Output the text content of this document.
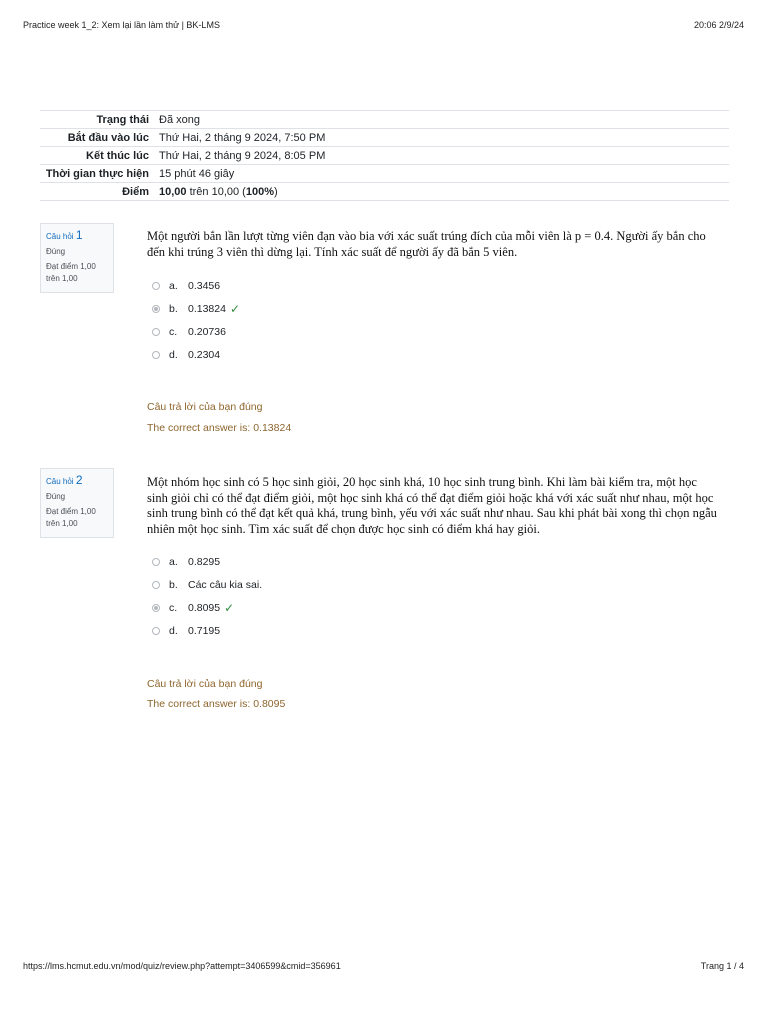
Practice week 1_2: Xem lại lần làm thử | BK-LMS	20:06 2/9/24
Trạng thái	Đã xong
Bắt đầu vào lúc	Thứ Hai, 2 tháng 9 2024, 7:50 PM
Kết thúc lúc	Thứ Hai, 2 tháng 9 2024, 8:05 PM
Thời gian thực hiện	15 phút 46 giây
Điểm	10,00 trên 10,00 (100%)
Câu hỏi 1
Đúng
Đạt điểm 1,00 trên 1,00
Một người bắn lần lượt từng viên đạn vào bia với xác suất trúng đích của mỗi viên là p = 0.4. Người ấy bắn cho đến khi trúng 3 viên thì dừng lại. Tính xác suất để người ấy đã bắn 5 viên.
a. 0.3456
b. 0.13824 ✓
c.	0.20736
d. 0.2304
Câu trả lời của bạn đúng
The correct answer is: 0.13824
Câu hỏi 2
Đúng
Đạt điểm 1,00 trên 1,00
Một nhóm học sinh có 5 học sinh giỏi, 20 học sinh khá, 10 học sinh trung bình. Khi làm bài kiểm tra, một học sinh giỏi chỉ có thể đạt điểm giỏi, một học sinh khá có thể đạt điểm giỏi hoặc khá với xác suất như nhau, một học sinh trung bình có thể đạt kết quả khá, trung bình, yếu với xác suất như nhau. Sau khi phát bài xong thì chọn ngẫu nhiên một học sinh. Tìm xác suất để chọn được học sinh có điểm khá hay giỏi.
a. 0.8295
b. Các câu kia sai.
c.	0.8095 ✓
d. 0.7195
Câu trả lời của bạn đúng
The correct answer is: 0.8095
https://lms.hcmut.edu.vn/mod/quiz/review.php?attempt=3406599&cmid=356961	Trang 1 / 4
